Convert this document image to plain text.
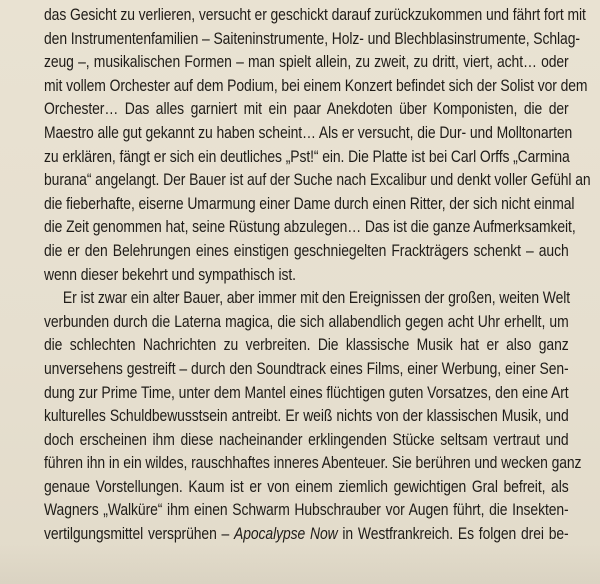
das Gesicht zu verlieren, versucht er geschickt darauf zurückzukommen und fährt fort mit
den Instrumentenfamilien – Saiteninstrumente, Holz- und Blechblasinstrumente, Schlag-
zeug –, musikalischen Formen – man spielt allein, zu zweit, zu dritt, viert, acht… oder
mit vollem Orchester auf dem Podium, bei einem Konzert befindet sich der Solist vor dem
Orchester… Das alles garniert mit ein paar Anekdoten über Komponisten, die der
Maestro alle gut gekannt zu haben scheint… Als er versucht, die Dur- und Molltonarten
zu erklären, fängt er sich ein deutliches „Pst!“ ein. Die Platte ist bei Carl Orffs „Carmina
burana“ angelangt. Der Bauer ist auf der Suche nach Excalibur und denkt voller Gefühl an
die fieberhafte, eiserne Umarmung einer Dame durch einen Ritter, der sich nicht einmal
die Zeit genommen hat, seine Rüstung abzulegen… Das ist die ganze Aufmerksamkeit,
die er den Belehrungen eines einstigen geschniegelten Frackträgers schenkt – auch
wenn dieser bekehrt und sympathisch ist.
Er ist zwar ein alter Bauer, aber immer mit den Ereignissen der großen, weiten Welt
verbunden durch die Laterna magica, die sich allabendlich gegen acht Uhr erhellt, um
die schlechten Nachrichten zu verbreiten. Die klassische Musik hat er also ganz
unversehens gestreift – durch den Soundtrack eines Films, einer Werbung, einer Sen-
dung zur Prime Time, unter dem Mantel eines flüchtigen guten Vorsatzes, den eine Art
kulturelles Schuldbewusstsein antreibt. Er weiß nichts von der klassischen Musik, und
doch erscheinen ihm diese nacheinander erklingenden Stücke seltsam vertraut und
führen ihn in ein wildes, rauschhaftes inneres Abenteuer. Sie berühren und wecken ganz
genaue Vorstellungen. Kaum ist er von einem ziemlich gewichtigen Gral befreit, als
Wagners „Walküre“ ihm einen Schwarm Hubschrauber vor Augen führt, die Insekten-
vertilgungsmittel versprühen – Apocalypse Now in Westfrankreich. Es folgen drei be-
